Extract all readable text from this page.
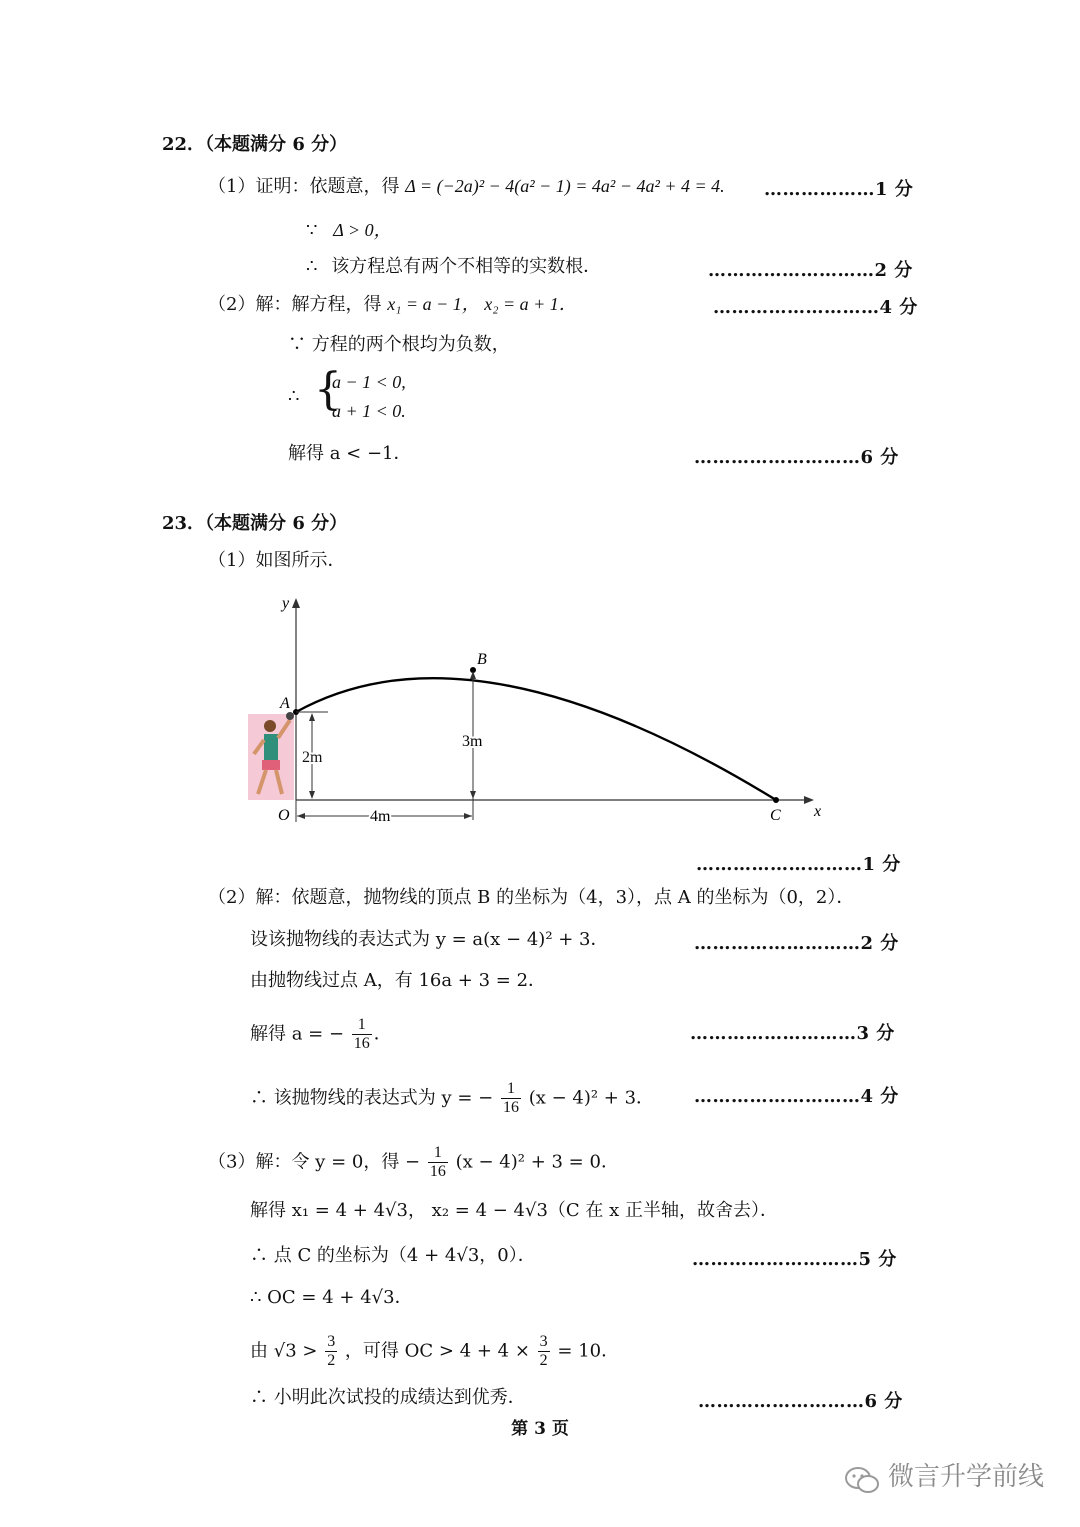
22．（本题满分 6 分）
（1）证明：依题意，得 Δ = (−2a)² − 4(a² − 1) = 4a² − 4a² + 4 = 4. ………………1 分
∵ Δ > 0，
∴ 该方程总有两个不相等的实数根．	………………………2 分
（2）解：解方程，得 x₁ = a − 1， x₂ = a + 1．	………………………4 分
∵ 方程的两个根均为负数，
∴ {
a − 1 < 0,
a + 1 < 0.
解得 a < −1．	………………………6 分
23．（本题满分 6 分）
（1）如图所示．
y
x
O
A
B
C
2m
3m
4m
………………………1 分
（2）解：依题意，抛物线的顶点 B 的坐标为（4，3），点 A 的坐标为（0，2）．
设该抛物线的表达式为 y = a(x − 4)² + 3．	………………………2 分
由抛物线过点 A，有 16a + 3 = 2．
解得 a = − $\frac{1}{16}$ ．	………………………3 分
∴ 该抛物线的表达式为 y = − $\frac{1}{16} (x - 4)^2 + 3$． ………………………4 分
（3）解：令 y = 0，得 − $\frac{1}{16} (x - 4)^2 + 3 = 0$．
解得 x₁ = 4 + 4√3， x₂ = 4 − 4√3（C 在 x 正半轴，故舍去）．
∴ 点 C 的坐标为（4 + 4√3，0）．	………………………5 分
∴ OC = 4 + 4√3．
由 $√3 > \frac{3}{2}$ ，可得 OC > $4 + 4 \times \frac{3}{2} = 10$．
∴ 小明此次试投的成绩达到优秀．	………………………6 分
第 3 页
微言升学前线
